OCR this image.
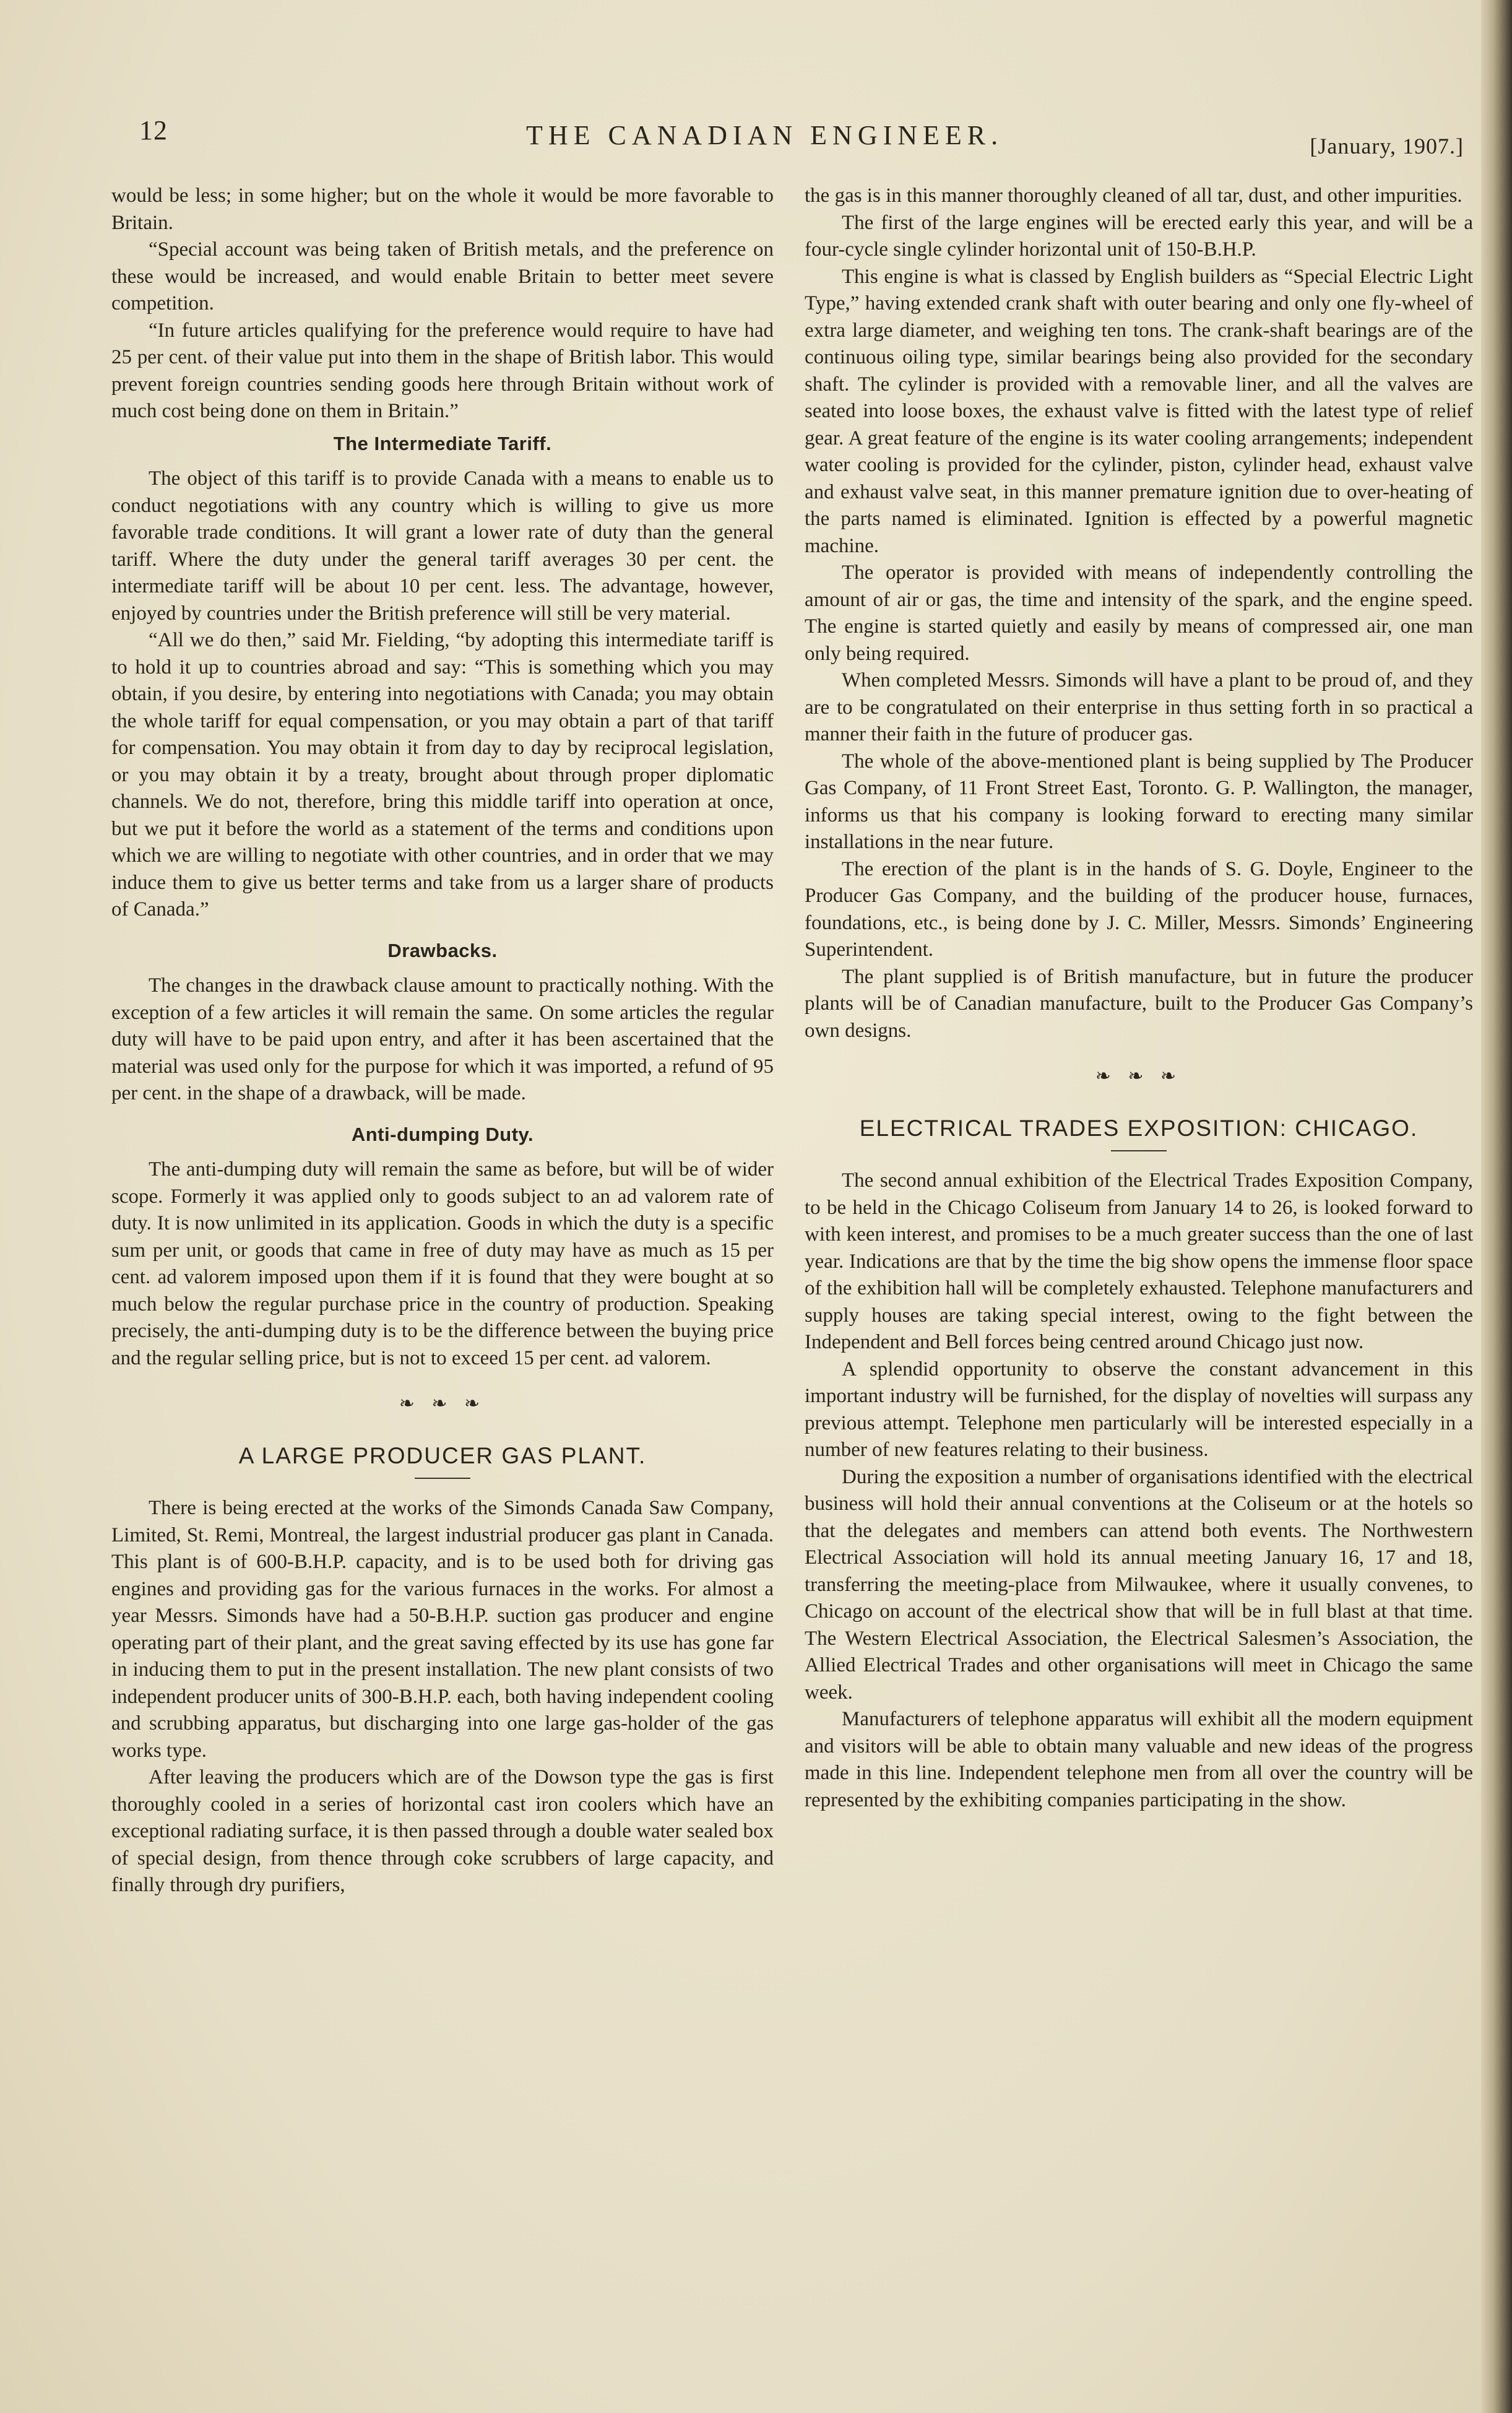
12	THE CANADIAN ENGINEER.	[January, 1907.]

would be less; in some higher; but on the whole it would be more favorable to Britain.

“Special account was being taken of British metals, and the preference on these would be increased, and would enable Britain to better meet severe competition.

“In future articles qualifying for the preference would require to have had 25 per cent. of their value put into them in the shape of British labor. This would prevent foreign countries sending goods here through Britain without work of much cost being done on them in Britain.”

The Intermediate Tariff.

The object of this tariff is to provide Canada with a means to enable us to conduct negotiations with any country which is willing to give us more favorable trade conditions. It will grant a lower rate of duty than the general tariff. Where the duty under the general tariff averages 30 per cent. the intermediate tariff will be about 10 per cent. less. The advantage, however, enjoyed by countries under the British preference will still be very material.

“All we do then,” said Mr. Fielding, “by adopting this intermediate tariff is to hold it up to countries abroad and say: “This is something which you may obtain, if you desire, by entering into negotiations with Canada; you may obtain the whole tariff for equal compensation, or you may obtain a part of that tariff for compensation. You may obtain it from day to day by reciprocal legislation, or you may obtain it by a treaty, brought about through proper diplomatic channels. We do not, therefore, bring this middle tariff into operation at once, but we put it before the world as a statement of the terms and conditions upon which we are willing to negotiate with other countries, and in order that we may induce them to give us better terms and take from us a larger share of products of Canada.”

Drawbacks.

The changes in the drawback clause amount to practically nothing. With the exception of a few articles it will remain the same. On some articles the regular duty will have to be paid upon entry, and after it has been ascertained that the material was used only for the purpose for which it was imported, a refund of 95 per cent. in the shape of a drawback, will be made.

Anti-dumping Duty.

The anti-dumping duty will remain the same as before, but will be of wider scope. Formerly it was applied only to goods subject to an ad valorem rate of duty. It is now unlimited in its application. Goods in which the duty is a specific sum per unit, or goods that came in free of duty may have as much as 15 per cent. ad valorem imposed upon them if it is found that they were bought at so much below the regular purchase price in the country of production. Speaking precisely, the anti-dumping duty is to be the difference between the buying price and the regular selling price, but is not to exceed 15 per cent. ad valorem.

❧ ❧ ❧
A LARGE PRODUCER GAS PLANT.

There is being erected at the works of the Simonds Canada Saw Company, Limited, St. Remi, Montreal, the largest industrial producer gas plant in Canada. This plant is of 600-B.H.P. capacity, and is to be used both for driving gas engines and providing gas for the various furnaces in the works. For almost a year Messrs. Simonds have had a 50-B.H.P. suction gas producer and engine operating part of their plant, and the great saving effected by its use has gone far in inducing them to put in the present installation. The new plant consists of two independent producer units of 300-B.H.P. each, both having independent cooling and scrubbing apparatus, but discharging into one large gas-holder of the gas works type.

After leaving the producers which are of the Dowson type the gas is first thoroughly cooled in a series of horizontal cast iron coolers which have an exceptional radiating surface, it is then passed through a double water sealed box of special design, from thence through coke scrubbers of large capacity, and finally through dry purifiers,

the gas is in this manner thoroughly cleaned of all tar, dust, and other impurities.

The first of the large engines will be erected early this year, and will be a four-cycle single cylinder horizontal unit of 150-B.H.P.

This engine is what is classed by English builders as “Special Electric Light Type,” having extended crank shaft with outer bearing and only one fly-wheel of extra large diameter, and weighing ten tons. The crank-shaft bearings are of the continuous oiling type, similar bearings being also provided for the secondary shaft. The cylinder is provided with a removable liner, and all the valves are seated into loose boxes, the exhaust valve is fitted with the latest type of relief gear. A great feature of the engine is its water cooling arrangements; independent water cooling is provided for the cylinder, piston, cylinder head, exhaust valve and exhaust valve seat, in this manner premature ignition due to over-heating of the parts named is eliminated. Ignition is effected by a powerful magnetic machine.

The operator is provided with means of independently controlling the amount of air or gas, the time and intensity of the spark, and the engine speed. The engine is started quietly and easily by means of compressed air, one man only being required.

When completed Messrs. Simonds will have a plant to be proud of, and they are to be congratulated on their enterprise in thus setting forth in so practical a manner their faith in the future of producer gas.

The whole of the above-mentioned plant is being supplied by The Producer Gas Company, of 11 Front Street East, Toronto. G. P. Wallington, the manager, informs us that his company is looking forward to erecting many similar installations in the near future.

The erection of the plant is in the hands of S. G. Doyle, Engineer to the Producer Gas Company, and the building of the producer house, furnaces, foundations, etc., is being done by J. C. Miller, Messrs. Simonds’ Engineering Superintendent.

The plant supplied is of British manufacture, but in future the producer plants will be of Canadian manufacture, built to the Producer Gas Company’s own designs.

❧ ❧ ❧
ELECTRICAL TRADES EXPOSITION: CHICAGO.

The second annual exhibition of the Electrical Trades Exposition Company, to be held in the Chicago Coliseum from January 14 to 26, is looked forward to with keen interest, and promises to be a much greater success than the one of last year. Indications are that by the time the big show opens the immense floor space of the exhibition hall will be completely exhausted. Telephone manufacturers and supply houses are taking special interest, owing to the fight between the Independent and Bell forces being centred around Chicago just now.

A splendid opportunity to observe the constant advancement in this important industry will be furnished, for the display of novelties will surpass any previous attempt. Telephone men particularly will be interested especially in a number of new features relating to their business.

During the exposition a number of organisations identified with the electrical business will hold their annual conventions at the Coliseum or at the hotels so that the delegates and members can attend both events. The Northwestern Electrical Association will hold its annual meeting January 16, 17 and 18, transferring the meeting-place from Milwaukee, where it usually convenes, to Chicago on account of the electrical show that will be in full blast at that time. The Western Electrical Association, the Electrical Salesmen’s Association, the Allied Electrical Trades and other organisations will meet in Chicago the same week.

Manufacturers of telephone apparatus will exhibit all the modern equipment and visitors will be able to obtain many valuable and new ideas of the progress made in this line. Independent telephone men from all over the country will be represented by the exhibiting companies participating in the show.
